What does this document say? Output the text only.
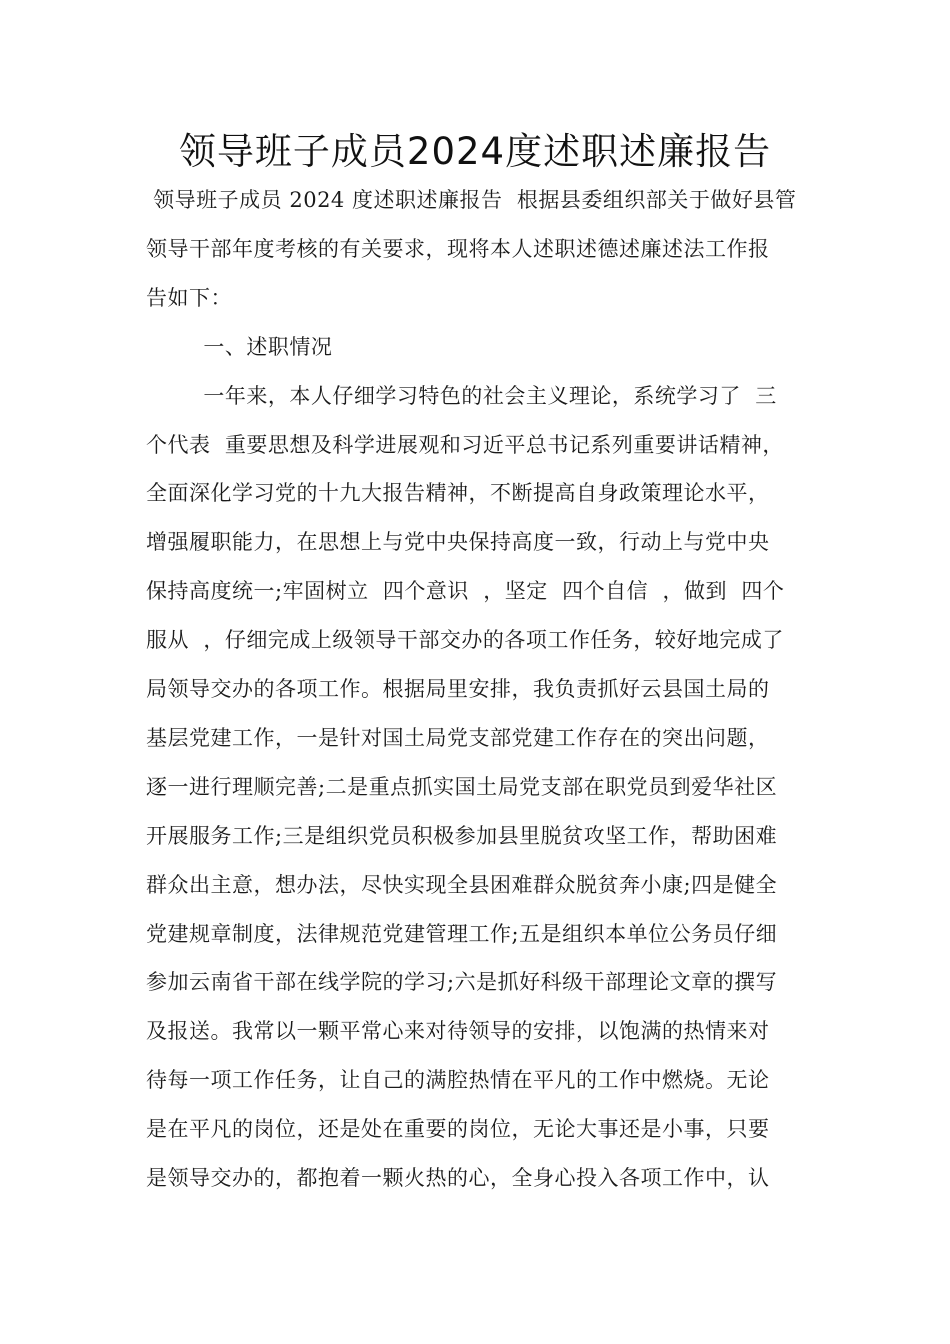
领导班子成员2024度述职述廉报告
领导班子成员 2024 度述职述廉报告  根据县委组织部关于做好县管
领导干部年度考核的有关要求，现将本人述职述德述廉述法工作报
告如下：
一、述职情况
一年来，本人仔细学习特色的社会主义理论，系统学习了  三
个代表  重要思想及科学进展观和习近平总书记系列重要讲话精神，
全面深化学习党的十九大报告精神，不断提高自身政策理论水平，
增强履职能力，在思想上与党中央保持高度一致，行动上与党中央
保持高度统一;牢固树立  四个意识  ，坚定  四个自信  ，做到  四个
服从  ，仔细完成上级领导干部交办的各项工作任务，较好地完成了
局领导交办的各项工作。根据局里安排，我负责抓好云县国土局的
基层党建工作，一是针对国土局党支部党建工作存在的突出问题，
逐一进行理顺完善;二是重点抓实国土局党支部在职党员到爱华社区
开展服务工作;三是组织党员积极参加县里脱贫攻坚工作，帮助困难
群众出主意，想办法，尽快实现全县困难群众脱贫奔小康;四是健全
党建规章制度，法律规范党建管理工作;五是组织本单位公务员仔细
参加云南省干部在线学院的学习;六是抓好科级干部理论文章的撰写
及报送。我常以一颗平常心来对待领导的安排，以饱满的热情来对
待每一项工作任务，让自己的满腔热情在平凡的工作中燃烧。无论
是在平凡的岗位，还是处在重要的岗位，无论大事还是小事，只要
是领导交办的，都抱着一颗火热的心，全身心投入各项工作中，认
